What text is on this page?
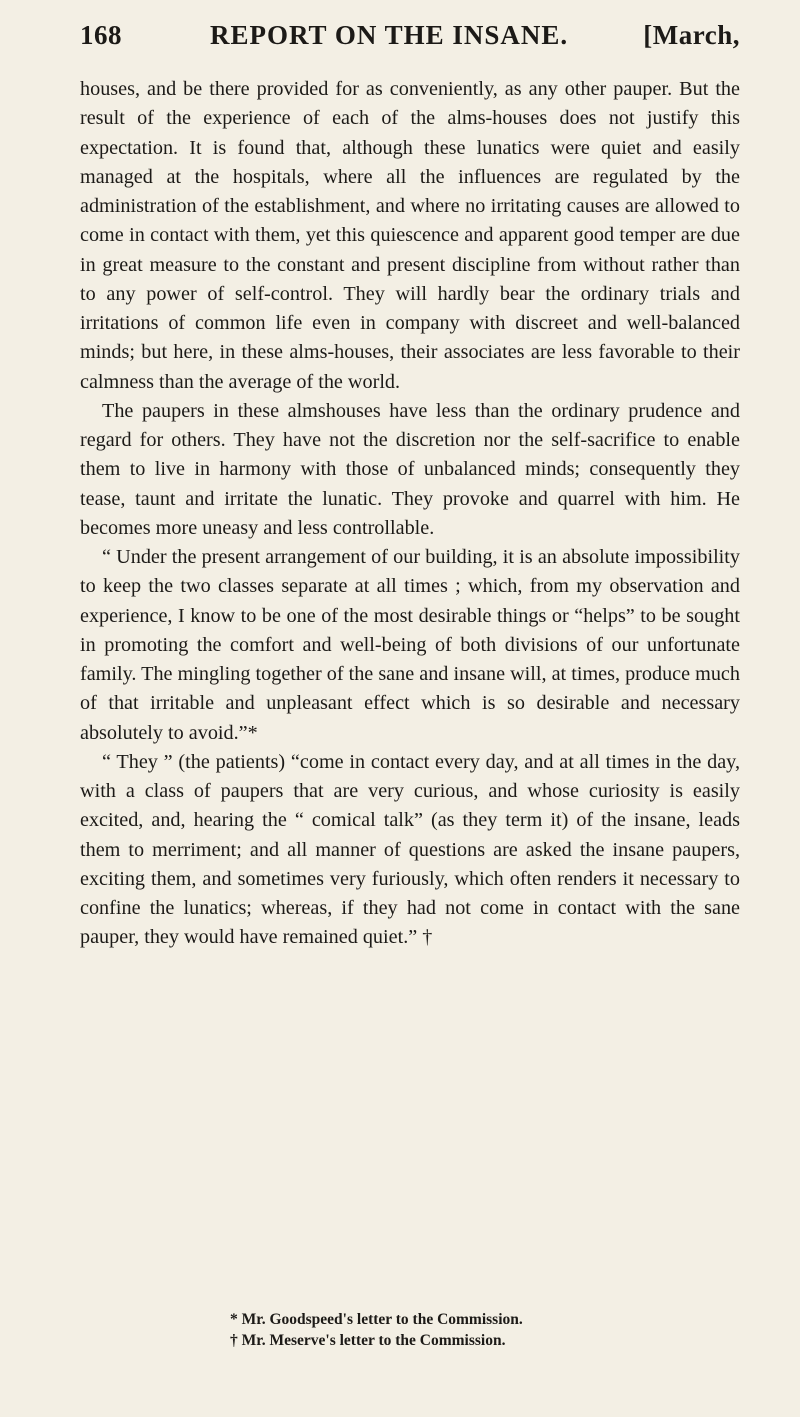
168	REPORT ON THE INSANE.	[March,

houses, and be there provided for as conveniently, as any other pauper. But the result of the experience of each of the alms-houses does not justify this expectation. It is found that, although these lunatics were quiet and easily managed at the hospitals, where all the influences are regulated by the administration of the establishment, and where no irritating causes are allowed to come in contact with them, yet this quiescence and apparent good temper are due in great measure to the constant and present discipline from without rather than to any power of self-control. They will hardly bear the ordinary trials and irritations of common life even in company with discreet and well-balanced minds; but here, in these alms-houses, their associates are less favorable to their calmness than the average of the world.

The paupers in these almshouses have less than the ordinary prudence and regard for others. They have not the discretion nor the self-sacrifice to enable them to live in harmony with those of unbalanced minds; consequently they tease, taunt and irritate the lunatic. They provoke and quarrel with him. He becomes more uneasy and less controllable.

“ Under the present arrangement of our building, it is an absolute impossibility to keep the two classes separate at all times ; which, from my observation and experience, I know to be one of the most desirable things or “helps” to be sought in promoting the comfort and well-being of both divisions of our unfortunate family. The mingling together of the sane and insane will, at times, produce much of that irritable and unpleasant effect which is so desirable and necessary absolutely to avoid.”*

“ They ” (the patients) “come in contact every day, and at all times in the day, with a class of paupers that are very curious, and whose curiosity is easily excited, and, hearing the “ comical talk” (as they term it) of the insane, leads them to merriment; and all manner of questions are asked the insane paupers, exciting them, and sometimes very furiously, which often renders it necessary to confine the lunatics; whereas, if they had not come in contact with the sane pauper, they would have remained quiet.” †

* Mr. Goodspeed's letter to the Commission.

† Mr. Meserve's letter to the Commission.
